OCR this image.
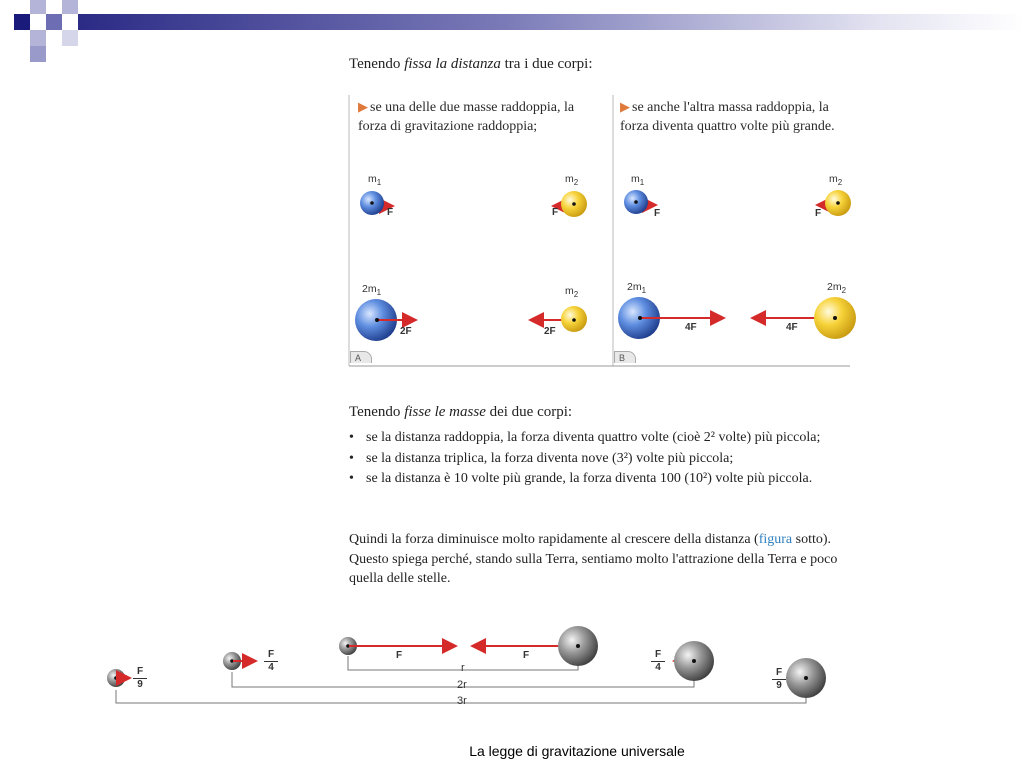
Tenendo fissa la distanza tra i due corpi:
▶ se una delle due masse raddoppia, la forza di gravitazione raddoppia;
▶ se anche l'altra massa raddoppia, la forza diventa quattro volte più grande.
$m_1$	$m_2$
F	F
$2m_1$	$m_2$
2F	2F
A
$m_1$	$m_2$
F	F
$2m_1$	$2m_2$
4F	4F
B
Tenendo fisse le masse dei due corpi:
• se la distanza raddoppia, la forza diventa quattro volte (cioè 2² volte) più piccola;
• se la distanza triplica, la forza diventa nove (3²) volte più piccola;
• se la distanza è 10 volte più grande, la forza diventa 100 (10²) volte più piccola.
Quindi la forza diminuisce molto rapidamente al crescere della distanza (figura sotto). Questo spiega perché, stando sulla Terra, sentiamo molto l'attrazione della Terra e poco quella delle stelle.
F	F
F
4
F
4
F
9
F
9
r
2r
3r
La legge di gravitazione universale
